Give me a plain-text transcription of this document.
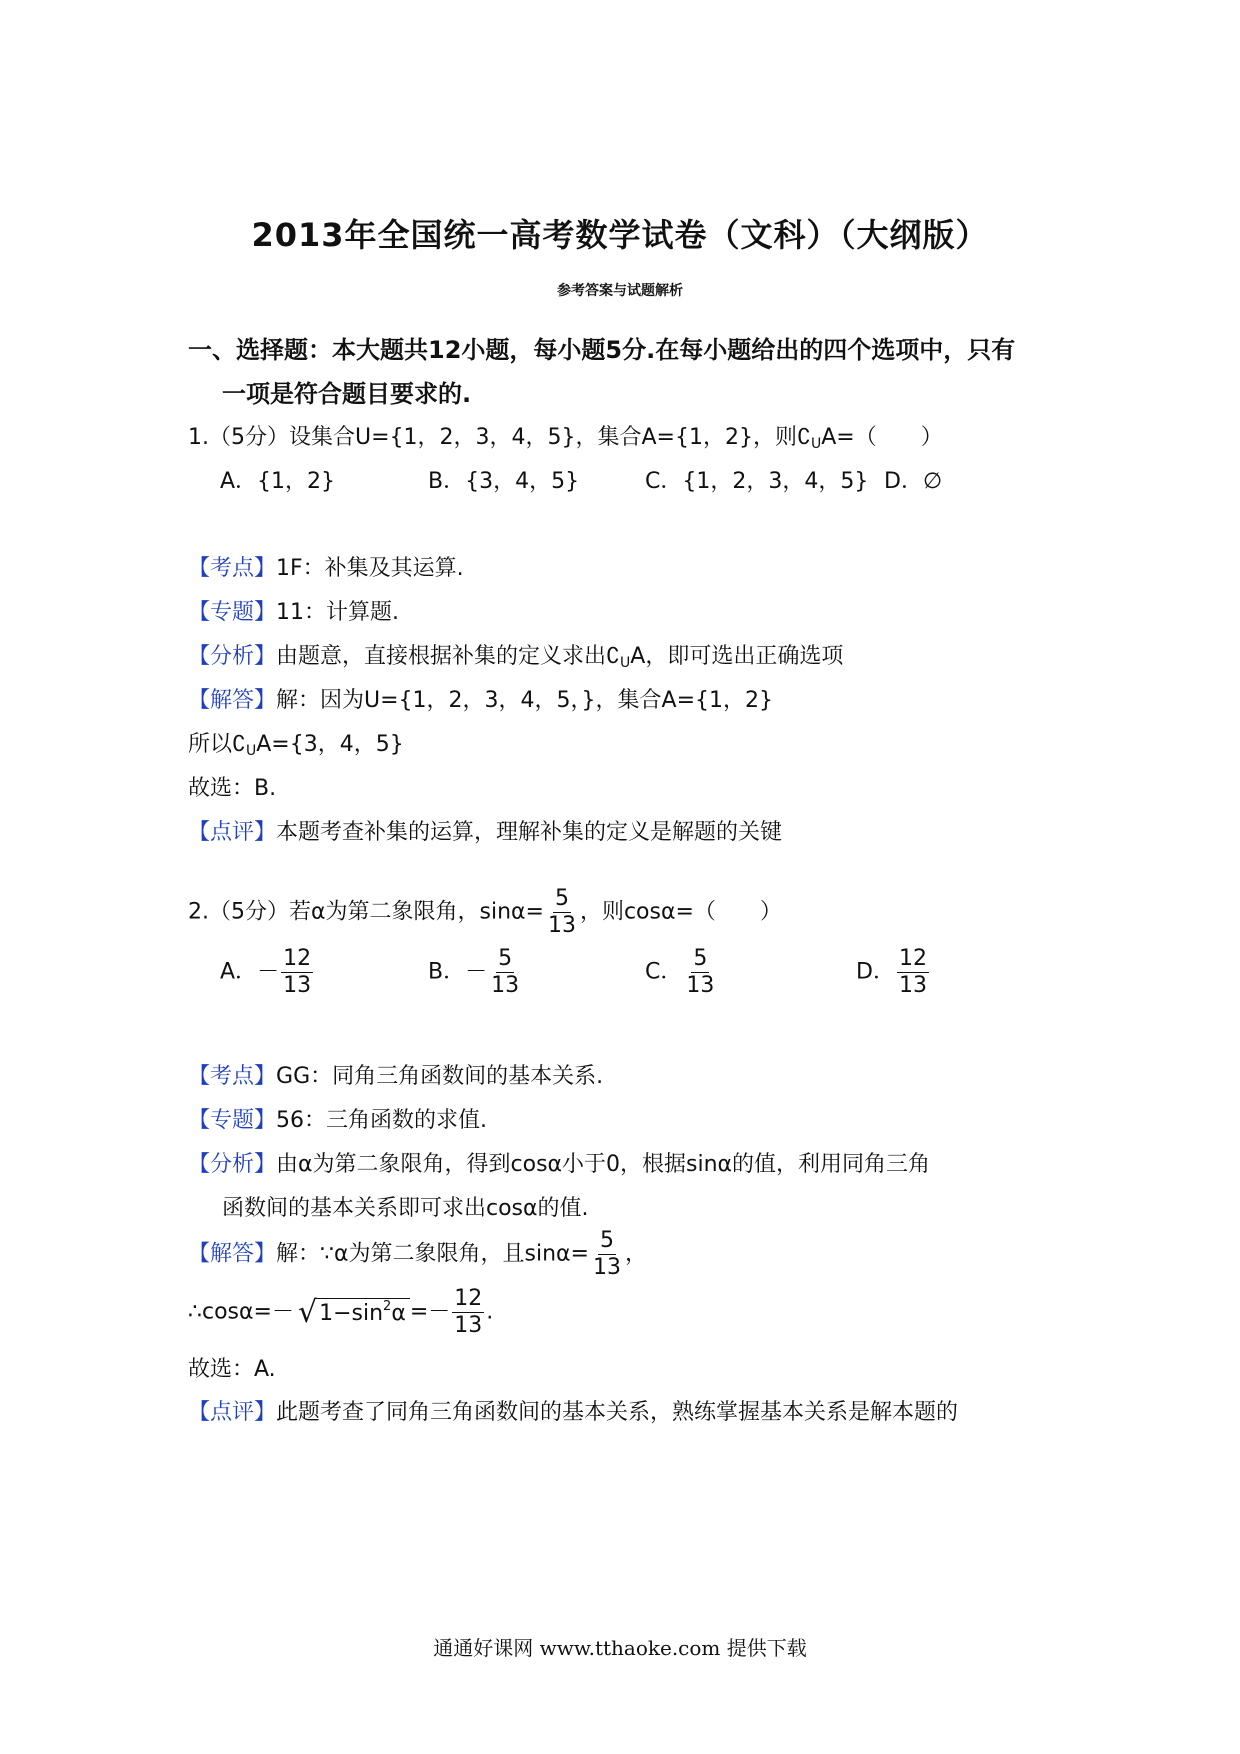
2013年全国统一高考数学试卷（文科）（大纲版）
参考答案与试题解析
一、选择题：本大题共12小题，每小题5分.在每小题给出的四个选项中，只有
一项是符合题目要求的.
1.（5分）设集合U={1，2，3，4，5}，集合A={1，2}，则$∁_UA=$（　　）
A．{1，2}	B．{3，4，5}	C．{1，2，3，4，5} D．∅
【考点】1F：补集及其运算.
【专题】11：计算题.
【分析】由题意，直接根据补集的定义求出$∁_UA$，即可选出正确选项
【解答】解：因为U={1，2，3，4，5，}，集合A={1，2}
所以$∁_UA=\{3$，4，5}
故选：B.
【点评】本题考查补集的运算，理解补集的定义是解题的关键
2.（5分）若α为第二象限角，$\sin\alpha= \frac{5}{13}$ ，则cosα=（　　）
A．－ $\frac{12}{13}$	B．－ $\frac{5}{13}$	C． $\frac{5}{13}$	D． $\frac{12}{13}$
【考点】GG：同角三角函数间的基本关系.
【专题】56：三角函数的求值.
【分析】由α为第二象限角，得到cosα小于0，根据sinα的值，利用同角三角
函数间的基本关系即可求出cosα的值.
【解答】解：∵α为第二象限角，且$\sin\alpha= \frac{5}{13}$ ，
∴cosα=－ $√1-\sin^2\alpha =- \frac{12}{13}$ .
故选：A.
【点评】此题考查了同角三角函数间的基本关系，熟练掌握基本关系是解本题的
通通好课网 www.tthaoke.com 提供下载
